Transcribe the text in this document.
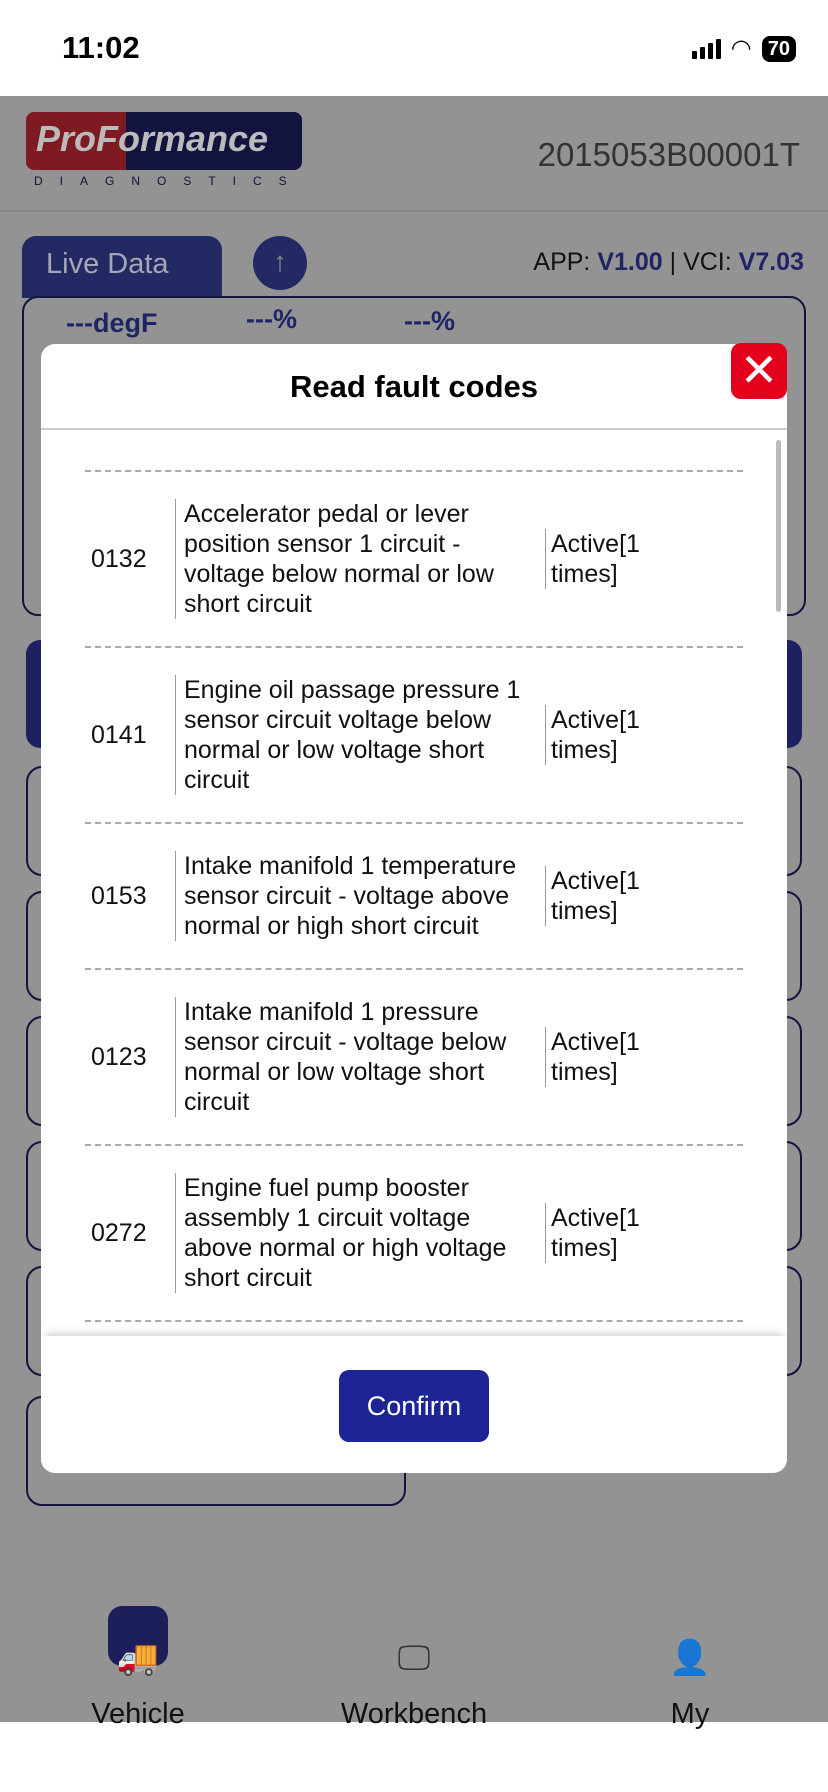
11:02	◠ 70
ProFormance
DIAGNOSTICS
2015053B00001T
Live Data	↑	APP: V1.00 | VCI: V7.03
---degF	---%	---%
🚚
Vehicle
🖵
Workbench
👤
My
Read fault codes
0132
Accelerator pedal or lever position sensor 1 circuit - voltage below normal or low short circuit
Active[1 times]
0141
Engine oil passage pressure 1 sensor circuit voltage below normal or low voltage short circuit
Active[1 times]
0153
Intake manifold 1 temperature sensor circuit - voltage above normal or high short circuit
Active[1 times]
0123
Intake manifold 1 pressure sensor circuit - voltage below normal or low voltage short circuit
Active[1 times]
0272
Engine fuel pump booster assembly 1 circuit voltage above normal or high voltage short circuit
Active[1 times]
Confirm
✕
